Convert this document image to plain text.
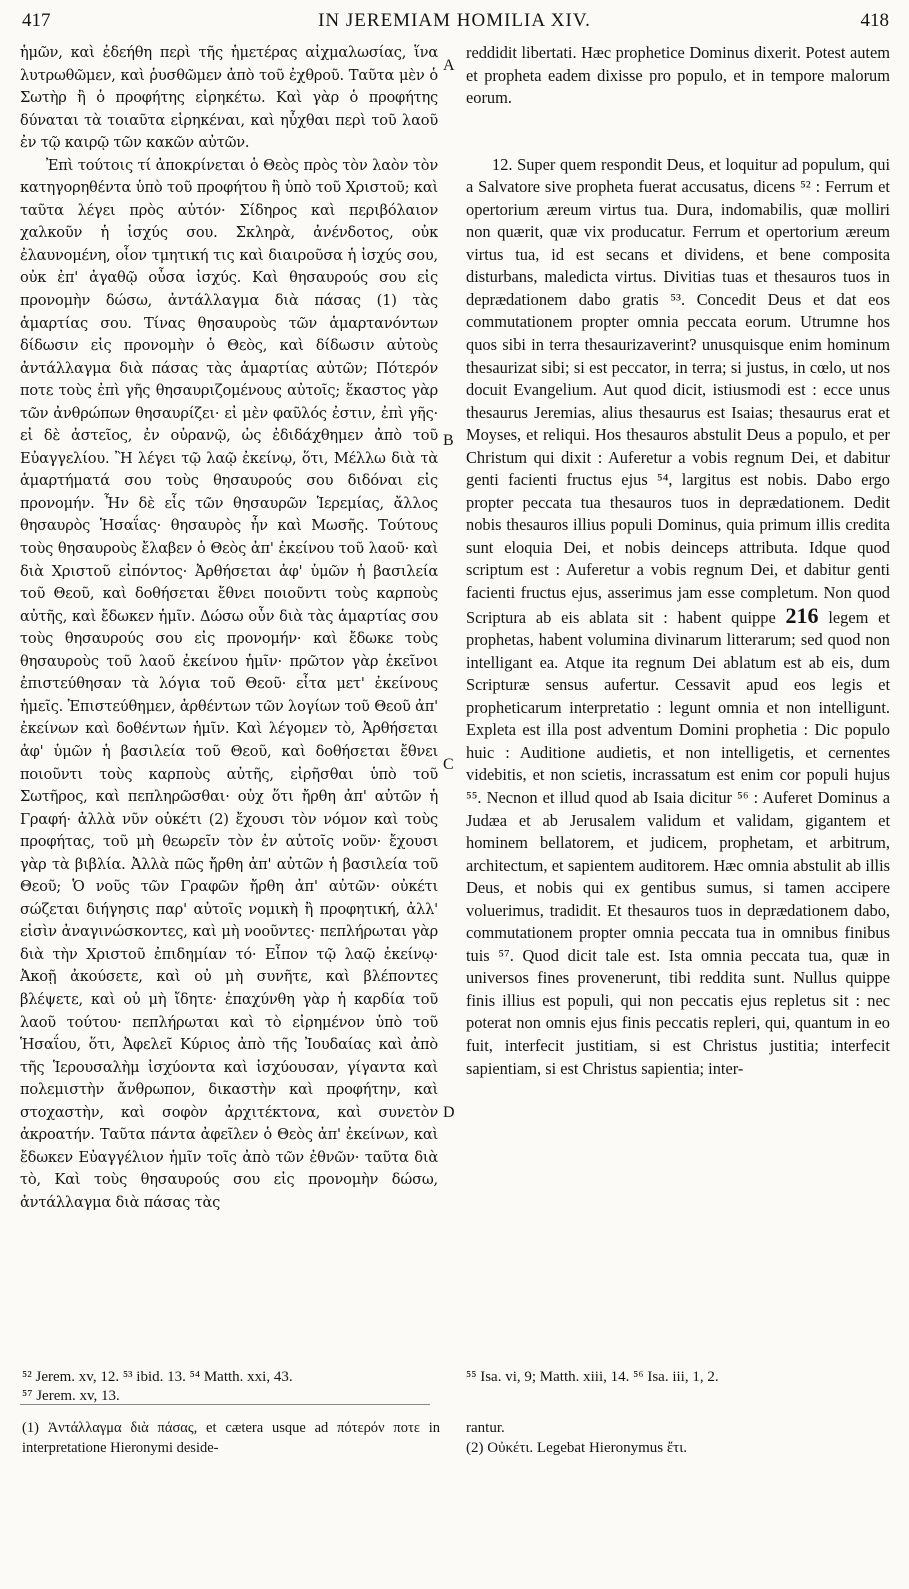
417	IN JEREMIAM HOMILIA XIV.	418

ἡμῶν, καὶ ἐδεήθη περὶ τῆς ἡμετέρας αἰχμαλωσίας, ἵνα λυτρωθῶμεν, καὶ ῥυσθῶμεν ἀπὸ τοῦ ἐχθροῦ. Ταῦτα μὲν ὁ Σωτὴρ ἢ ὁ προφήτης εἰρηκέτω. Καὶ γὰρ ὁ προφήτης δύναται τὰ τοιαῦτα εἰρηκέναι, καὶ ηὖχθαι περὶ τοῦ λαοῦ ἐν τῷ καιρῷ τῶν κακῶν αὐτῶν.

Ἐπὶ τούτοις τί ἀποκρίνεται ὁ Θεὸς πρὸς τὸν λαὸν τὸν κατηγορηθέντα ὑπὸ τοῦ προφήτου ἢ ὑπὸ τοῦ Χριστοῦ; καὶ ταῦτα λέγει πρὸς αὐτόν· Σίδηρος καὶ περιβόλαιον χαλκοῦν ἡ ἰσχύς σου. Σκληρὰ, ἀνένδοτος, οὐκ ἐλαυνομένη, οἷον τμητική τις καὶ διαιροῦσα ἡ ἰσχύς σου, οὐκ ἐπ' ἀγαθῷ οὖσα ἰσχύς. Καὶ θησαυρούς σου εἰς προνομὴν δώσω, ἀντάλλαγμα διὰ πάσας (1) τὰς ἁμαρτίας σου. Τίνας θησαυροὺς τῶν ἁμαρτανόντων δίδωσιν εἰς προνομὴν ὁ Θεὸς, καὶ δίδωσιν αὐτοὺς ἀντάλλαγμα διὰ πάσας τὰς ἁμαρτίας αὐτῶν; Πότερόν ποτε τοὺς ἐπὶ γῆς θησαυριζομένους αὐτοῖς; ἕκαστος γὰρ τῶν ἀνθρώπων θησαυρίζει· εἰ μὲν φαῦλός ἐστιν, ἐπὶ γῆς· εἰ δὲ ἀστεῖος, ἐν οὐρανῷ, ὡς ἐδιδάχθημεν ἀπὸ τοῦ Εὐαγγελίου. Ἢ λέγει τῷ λαῷ ἐκείνῳ, ὅτι, Μέλλω διὰ τὰ ἁμαρτήματά σου τοὺς θησαυρούς σου διδόναι εἰς προνομήν. Ἦν δὲ εἷς τῶν θησαυρῶν Ἱερεμίας, ἄλλος θησαυρὸς Ἡσαΐας· θησαυρὸς ἦν καὶ Μωσῆς. Τούτους τοὺς θησαυροὺς ἔλαβεν ὁ Θεὸς ἀπ' ἐκείνου τοῦ λαοῦ· καὶ διὰ Χριστοῦ εἰπόντος· Ἀρθήσεται ἀφ' ὑμῶν ἡ βασιλεία τοῦ Θεοῦ, καὶ δοθήσεται ἔθνει ποιοῦντι τοὺς καρποὺς αὐτῆς, καὶ ἔδωκεν ἡμῖν. Δώσω οὖν διὰ τὰς ἁμαρτίας σου τοὺς θησαυρούς σου εἰς προνομήν· καὶ ἔδωκε τοὺς θησαυροὺς τοῦ λαοῦ ἐκείνου ἡμῖν· πρῶτον γὰρ ἐκεῖνοι ἐπιστεύθησαν τὰ λόγια τοῦ Θεοῦ· εἶτα μετ' ἐκείνους ἡμεῖς. Ἐπιστεύθημεν, ἀρθέντων τῶν λογίων τοῦ Θεοῦ ἀπ' ἐκείνων καὶ δοθέντων ἡμῖν. Καὶ λέγομεν τὸ, Ἀρθήσεται ἀφ' ὑμῶν ἡ βασιλεία τοῦ Θεοῦ, καὶ δοθήσεται ἔθνει ποιοῦντι τοὺς καρποὺς αὐτῆς, εἰρῆσθαι ὑπὸ τοῦ Σωτῆρος, καὶ πεπληρῶσθαι· οὐχ ὅτι ἤρθη ἀπ' αὐτῶν ἡ Γραφή· ἀλλὰ νῦν οὐκέτι (2) ἔχουσι τὸν νόμον καὶ τοὺς προφήτας, τοῦ μὴ θεωρεῖν τὸν ἐν αὐτοῖς νοῦν· ἔχουσι γὰρ τὰ βιβλία. Ἀλλὰ πῶς ἤρθη ἀπ' αὐτῶν ἡ βασιλεία τοῦ Θεοῦ; Ὁ νοῦς τῶν Γραφῶν ἤρθη ἀπ' αὐτῶν· οὐκέτι σώζεται διήγησις παρ' αὐτοῖς νομικὴ ἢ προφητική, ἀλλ' εἰσὶν ἀναγινώσκοντες, καὶ μὴ νοοῦντες· πεπλήρωται γὰρ διὰ τὴν Χριστοῦ ἐπιδημίαν τό· Εἶπον τῷ λαῷ ἐκείνῳ· Ἀκοῇ ἀκούσετε, καὶ οὐ μὴ συνῆτε, καὶ βλέποντες βλέψετε, καὶ οὐ μὴ ἴδητε· ἐπαχύνθη γὰρ ἡ καρδία τοῦ λαοῦ τούτου· πεπλήρωται καὶ τὸ εἰρημένον ὑπὸ τοῦ Ἡσαΐου, ὅτι, Ἀφελεῖ Κύριος ἀπὸ τῆς Ἰουδαίας καὶ ἀπὸ τῆς Ἱερουσαλὴμ ἰσχύοντα καὶ ἰσχύουσαν, γίγαντα καὶ πολεμιστὴν ἄνθρωπον, δικαστὴν καὶ προφήτην, καὶ στοχαστὴν, καὶ σοφὸν ἀρχιτέκτονα, καὶ συνετὸν ἀκροατήν. Ταῦτα πάντα ἀφεῖλεν ὁ Θεὸς ἀπ' ἐκείνων, καὶ ἔδωκεν Εὐαγγέλιον ἡμῖν τοῖς ἀπὸ τῶν ἐθνῶν· ταῦτα διὰ τὸ, Καὶ τοὺς θησαυρούς σου εἰς προνομὴν δώσω, ἀντάλλαγμα διὰ πάσας τὰς

A
B
C
D

reddidit libertati. Hæc prophetice Dominus dixerit. Potest autem et propheta eadem dixisse pro populo, et in tempore malorum eorum.

12. Super quem respondit Deus, et loquitur ad populum, qui a Salvatore sive propheta fuerat accusatus, dicens ⁵² : Ferrum et opertorium æreum virtus tua. Dura, indomabilis, quæ molliri non quærit, quæ vix producatur. Ferrum et opertorium æreum virtus tua, id est secans et dividens, et bene composita disturbans, maledicta virtus. Divitias tuas et thesauros tuos in deprædationem dabo gratis ⁵³. Concedit Deus et dat eos commutationem propter omnia peccata eorum. Utrumne hos quos sibi in terra thesaurizaverint? unusquisque enim hominum thesaurizat sibi; si est peccator, in terra; si justus, in cœlo, ut nos docuit Evangelium. Aut quod dicit, istiusmodi est : ecce unus thesaurus Jeremias, alius thesaurus est Isaias; thesaurus erat et Moyses, et reliqui. Hos thesauros abstulit Deus a populo, et per Christum qui dixit : Auferetur a vobis regnum Dei, et dabitur genti facienti fructus ejus ⁵⁴, largitus est nobis. Dabo ergo propter peccata tua thesauros tuos in deprædationem. Dedit nobis thesauros illius populi Dominus, quia primum illis credita sunt eloquia Dei, et nobis deinceps attributa. Idque quod scriptum est : Auferetur a vobis regnum Dei, et dabitur genti facienti fructus ejus, asserimus jam esse completum. Non quod Scriptura ab eis ablata sit : habent quippe 216 legem et prophetas, habent volumina divinarum litterarum; sed quod non intelligant ea. Atque ita regnum Dei ablatum est ab eis, dum Scripturæ sensus aufertur. Cessavit apud eos legis et propheticarum interpretatio : legunt omnia et non intelligunt. Expleta est illa post adventum Domini prophetia : Dic populo huic : Auditione audietis, et non intelligetis, et cernentes videbitis, et non scietis, incrassatum est enim cor populi hujus ⁵⁵. Necnon et illud quod ab Isaia dicitur ⁵⁶ : Auferet Dominus a Judæa et ab Jerusalem validum et validam, gigantem et hominem bellatorem, et judicem, prophetam, et arbitrum, architectum, et sapientem auditorem. Hæc omnia abstulit ab illis Deus, et nobis qui ex gentibus sumus, si tamen accipere voluerimus, tradidit. Et thesauros tuos in deprædationem dabo, commutationem propter omnia peccata tua in omnibus finibus tuis ⁵⁷. Quod dicit tale est. Ista omnia peccata tua, quæ in universos fines provenerunt, tibi reddita sunt. Nullus quippe finis illius est populi, qui non peccatis ejus repletus sit : nec poterat non omnis ejus finis peccatis repleri, qui, quantum in eo fuit, interfecit justitiam, si est Christus justitia; interfecit sapientiam, si est Christus sapientia; inter-

⁵² Jerem. xv, 12. ⁵³ ibid. 13. ⁵⁴ Matth. xxi, 43.
⁵⁷ Jerem. xv, 13.
⁵⁵ Isa. vi, 9; Matth. xiii, 14. ⁵⁶ Isa. iii, 1, 2.
(1) Ἀντάλλαγμα διὰ πάσας, et cætera usque ad πότερόν ποτε in interpretatione Hieronymi deside-
rantur.
(2) Οὐκέτι. Legebat Hieronymus ἔτι.
